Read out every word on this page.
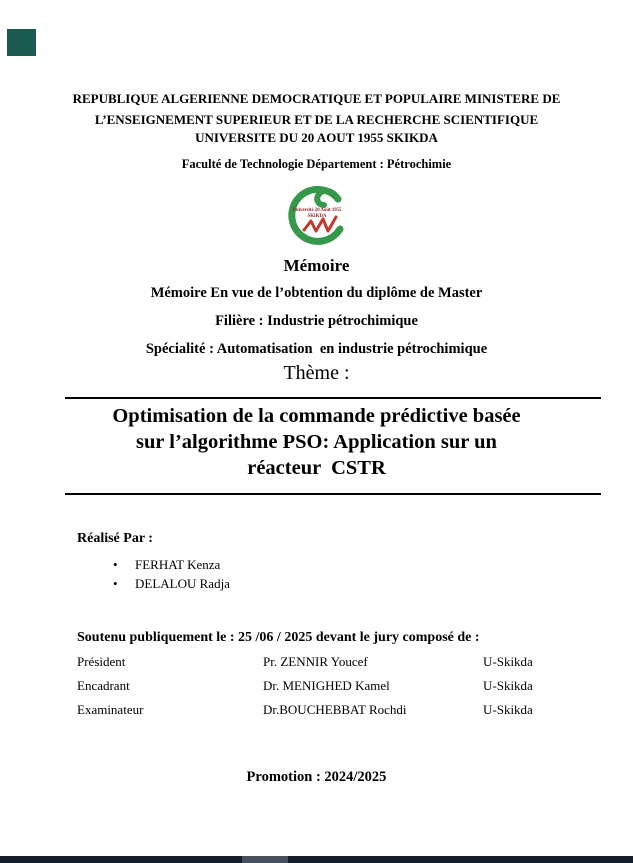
REPUBLIQUE ALGERIENNE DEMOCRATIQUE ET POPULAIRE MINISTERE DE
L’ENSEIGNEMENT SUPERIEUR ET DE LA RECHERCHE SCIENTIFIQUE
UNIVERSITE DU 20 AOUT 1955 SKIKDA
Faculté de Technologie Département : Pétrochimie
Université 20 Août 1955
SKIKDA
Mémoire
Mémoire En vue de l’obtention du diplôme de Master
Filière : Industrie pétrochimique
Spécialité : Automatisation  en industrie pétrochimique
Thème :
Optimisation de la commande prédictive basée
sur l’algorithme PSO: Application sur un
réacteur  CSTR
Réalisé Par :
• FERHAT Kenza
• DELALOU Radja
Soutenu publiquement le : 25 /06 / 2025 devant le jury composé de :
Président	Pr. ZENNIR Youcef	U-Skikda
Encadrant	Dr. MENIGHED Kamel	U-Skikda
Examinateur	Dr.BOUCHEBBAT Rochdi	U-Skikda
Promotion : 2024/2025
